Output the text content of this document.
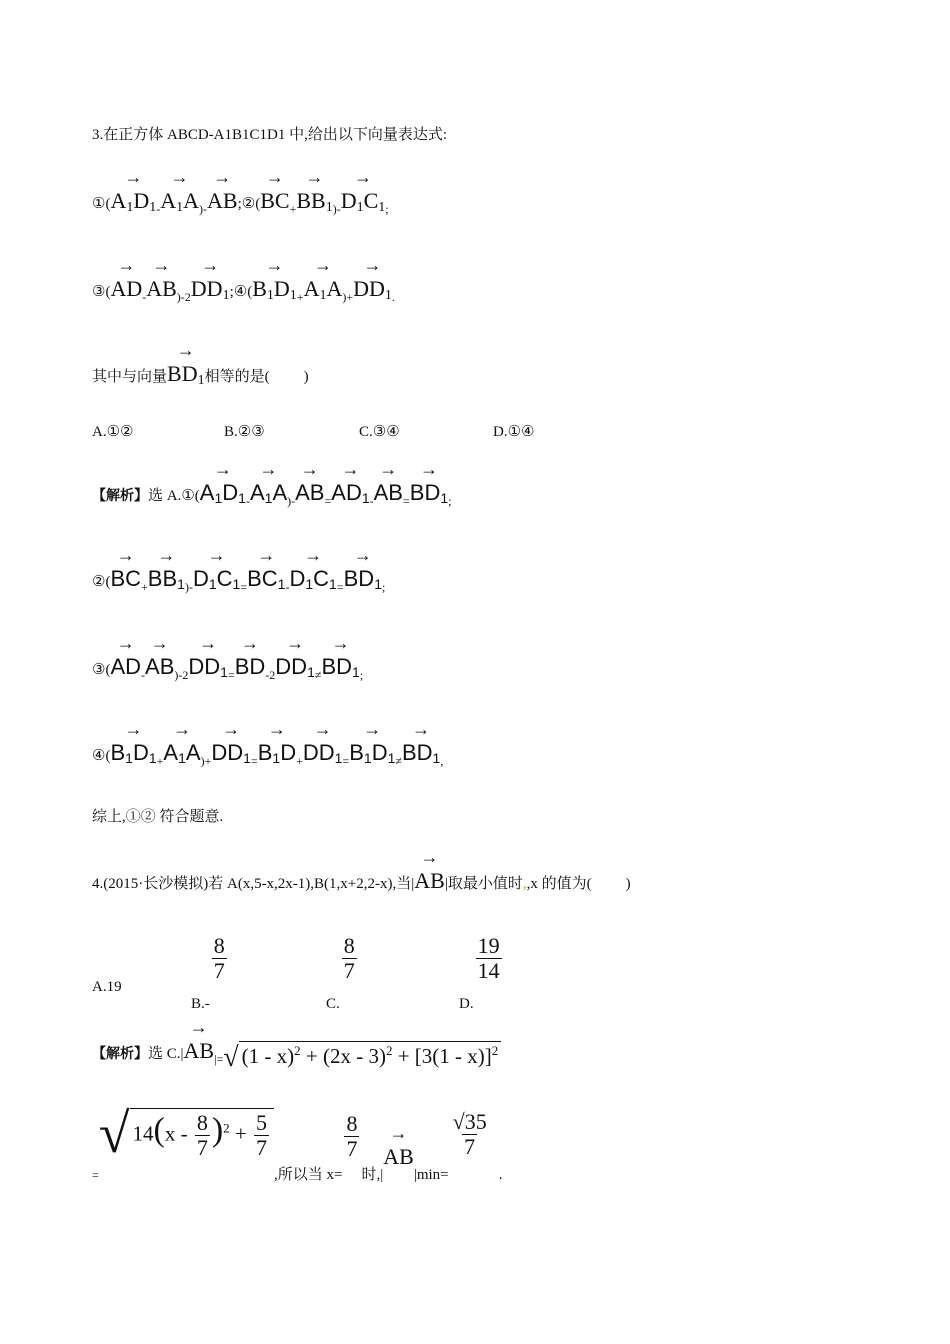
3.在正方体 ABCD-A1B1C1D1 中,给出以下向量表达式:
①(→ $A1D1_-\to A1A_{)-}\to$ AB;②(→ $BC_+\to BB1_{)-}\to D1C1_;$
③(→ $AD_-\to AB_{)-2}\to$ DD1;④(→ $B1D1_+\to A1A_{)+}\to DD1_.$
其中与向量→ BD1相等的是( )
A.①②	B.②③	C.③④	D.①④
【解析】选 A.①(→ $A1D1_-\to A1A_{)-}\to AB_=\to AD1_-\to AB_=\to BD1_;$
②(→ $BC_+\to BB1_{)-}\to D1C1_=\to BC1_-\to D1C1_=\to BD1_;$
③(→ $AD_-\to AB_{)-2}\to DD1_=\to BD_{-2}\to DD1_\ne\to BD1_;$
④(→ $B1D1_+\to A1A_{)+}\to DD1_=\to B1D_+\to DD1_=\to B1D1_\ne\to BD1_,$
综上,①② 符合题意.
4.(2015·长沙模拟)若 A(x,5-x,2x-1),B(1,x+2,2-x),当|→ AB|取最小值时,,x 的值为( )
A.19
B.-
$\frac{8}{7}$
C.
$\frac{8}{7}$
D.
$\frac{19}{14}$
【解析】选 $C.|\to AB_{|=}√$ (1 - x)$^2$ + (2x - 3)$^2$ + [3(1 - x)]$^2$
$_=$√ $14(x - \frac{8}{7} )^2 + \frac{5}{7}$
,所以当 x=
$\frac{8}{7}$
时,|→ AB|min=
$\frac{√35}{7}$
.
